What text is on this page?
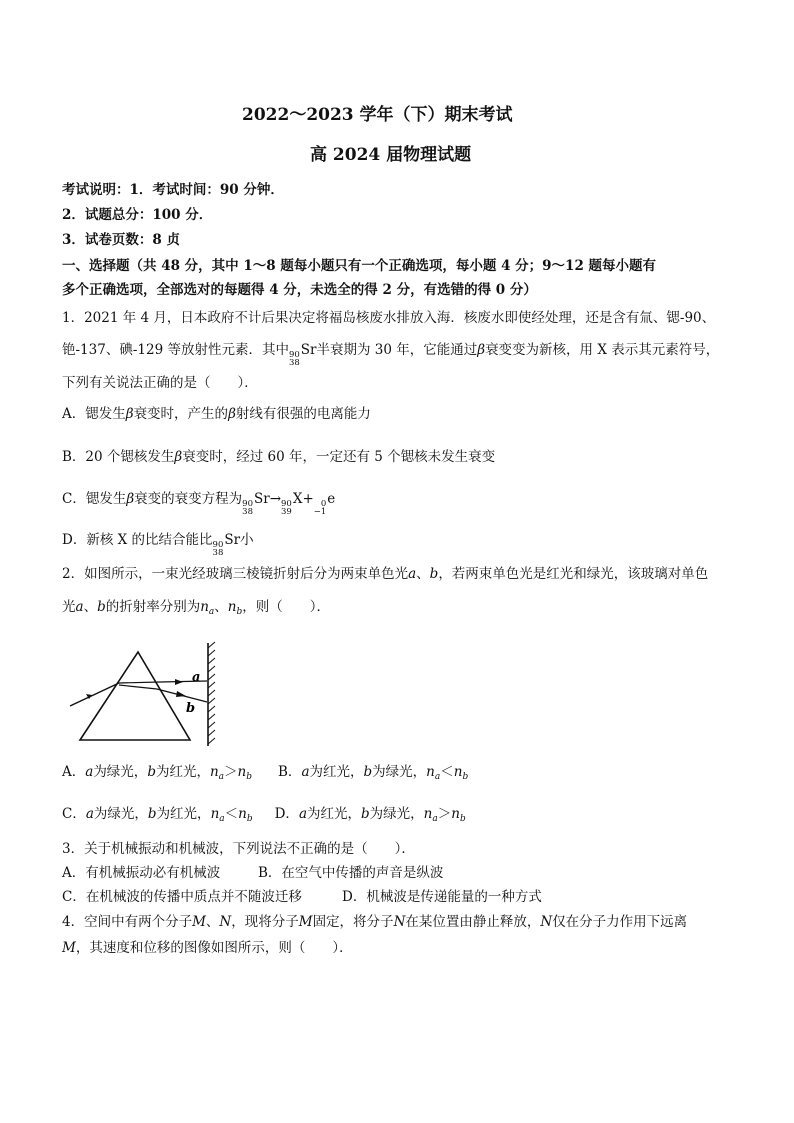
2022～2023 学年（下）期末考试
高 2024 届物理试题
考试说明：1．考试时间：90 分钟．
2．试题总分：100 分．
3．试卷页数：8 贞
一、选择题（共 48 分，其中 1～8 题每小题只有一个正确选项，每小题 4 分；9～12 题每小题有
多个正确选项，全部选对的每题得 4 分，未选全的得 2 分，有选错的得 0 分）
1．2021 年 4 月，日本政府不计后果决定将福岛核废水排放入海．核废水即使经处理，还是含有氚、锶-90、
铯-137、碘-129 等放射性元素．其中 90
38
Sr半衰期为 30 年，它能通过β衰变变为新核，用 X 表示其元素符号，
下列有关说法正确的是（　　）．
A．锶发生β衰变时，产生的β射线有很强的电离能力
B．20 个锶核发生β衰变时，经过 60 年，一定还有 5 个锶核未发生衰变
C．锶发生β衰变的衰变方程为 90
38
Sr→ 90
39
X+ 0
−1
e
D．新核 X 的比结合能比 90
38
Sr小
2．如图所示，一束光经玻璃三棱镜折射后分为两束单色光a、b，若两束单色光是红光和绿光，该玻璃对单色
光a、b的折射率分别为$n_a$、$n_b$，则（　　）．
a
b
A．a为绿光，b为红光，$n_a>n_b$ B．a为红光，b为绿光，$n_a<n_b$
C．a为绿光，b为红光，$n_a<n_b$ D．a为红光，b为绿光，$n_a>n_b$
3．关于机械振动和机械波，下列说法不正确的是（　　）．
A．有机械振动必有机械波	B．在空气中传播的声音是纵波
C．在机械波的传播中质点并不随波迁移	D．机械波是传递能量的一种方式
4．空间中有两个分子M、N，现将分子M固定，将分子N在某位置由静止释放，N仅在分子力作用下远离
M，其速度和位移的图像如图所示，则（　　）．
